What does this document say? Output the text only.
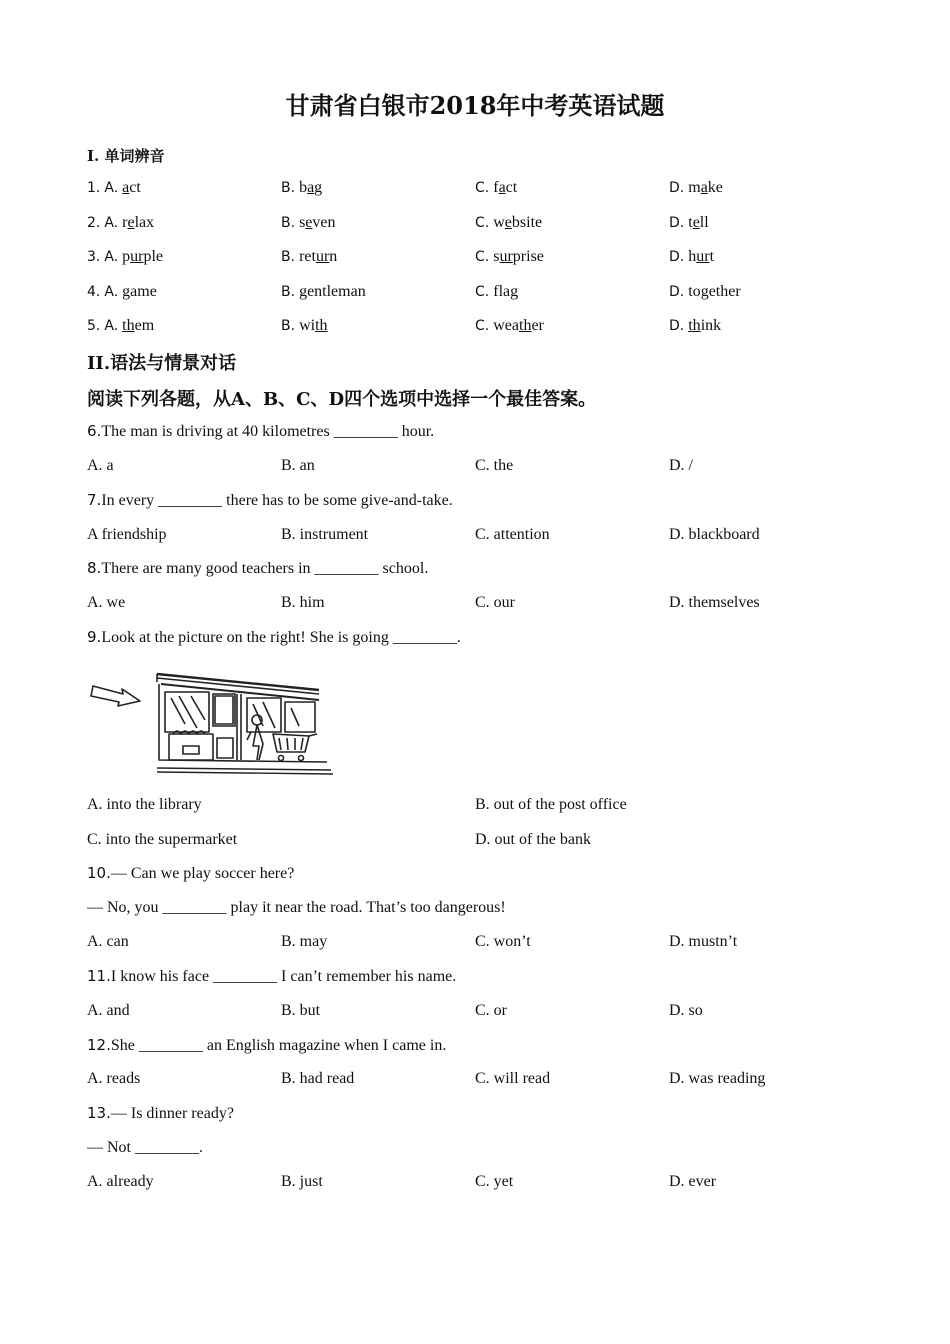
甘肃省白银市2018年中考英语试题
I. 单词辨音
1. A. act	B. bag	C. fact	D. make
2. A. relax	B. seven	C. website	D. tell
3. A. purple	B. return	C. surprise	D. hurt
4. A. game	B. gentleman	C. flag	D. together
5. A. them	B. with	C. weather	D. think
II.语法与情景对话
阅读下列各题，从A、B、C、D四个选项中选择一个最佳答案。
6.The man is driving at 40 kilometres ________ hour.
A. a	B. an	C. the	D. /
7.In every ________ there has to be some give-and-take.
A friendship	B. instrument	C. attention	D. blackboard
8.There are many good teachers in ________ school.
A. we	B. him	C. our	D. themselves
9.Look at the picture on the right! She is going ________.
A. into the library	B. out of the post office
C. into the supermarket	D. out of the bank
10.— Can we play soccer here?
— No, you ________ play it near the road. That’s too dangerous!
A. can	B. may	C. won’t	D. mustn’t
11.I know his face ________ I can’t remember his name.
A. and	B. but	C. or	D. so
12.She ________ an English magazine when I came in.
A. reads	B. had read	C. will read	D. was reading
13.— Is dinner ready?
— Not ________.
A. already	B. just	C. yet	D. ever
